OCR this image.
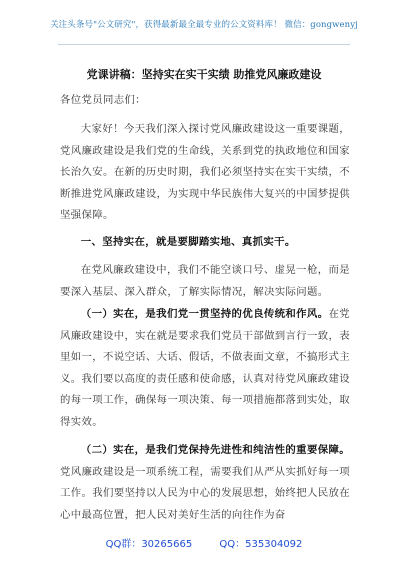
关注头条号"公文研究"，获得最新最全最专业的公文资料库！ 微信：gongwenyj
党课讲稿：坚持实在实干实绩 助推党风廉政建设
各位党员同志们：
大家好！今天我们深入探讨党风廉政建设这一重要课题，党风廉政建设是我们党的生命线，关系到党的执政地位和国家长治久安。在新的历史时期，我们必须坚持实在实干实绩，不断推进党风廉政建设，为实现中华民族伟大复兴的中国梦提供坚强保障。
一、坚持实在，就是要脚踏实地、真抓实干。
在党风廉政建设中，我们不能空谈口号、虚晃一枪，而是要深入基层、深入群众，了解实际情况，解决实际问题。
（一）实在，是我们党一贯坚持的优良传统和作风。在党风廉政建设中，实在就是要求我们党员干部做到言行一致，表里如一，不说空话、大话、假话，不做表面文章，不搞形式主义。我们要以高度的责任感和使命感，认真对待党风廉政建设的每一项工作，确保每一项决策、每一项措施都落到实处，取得实效。
（二）实在，是我们党保持先进性和纯洁性的重要保障。党风廉政建设是一项系统工程，需要我们从严从实抓好每一项工作。我们要坚持以人民为中心的发展思想，始终把人民放在心中最高位置，把人民对美好生活的向往作为奋
QQ群：30265665	QQ：535304092
